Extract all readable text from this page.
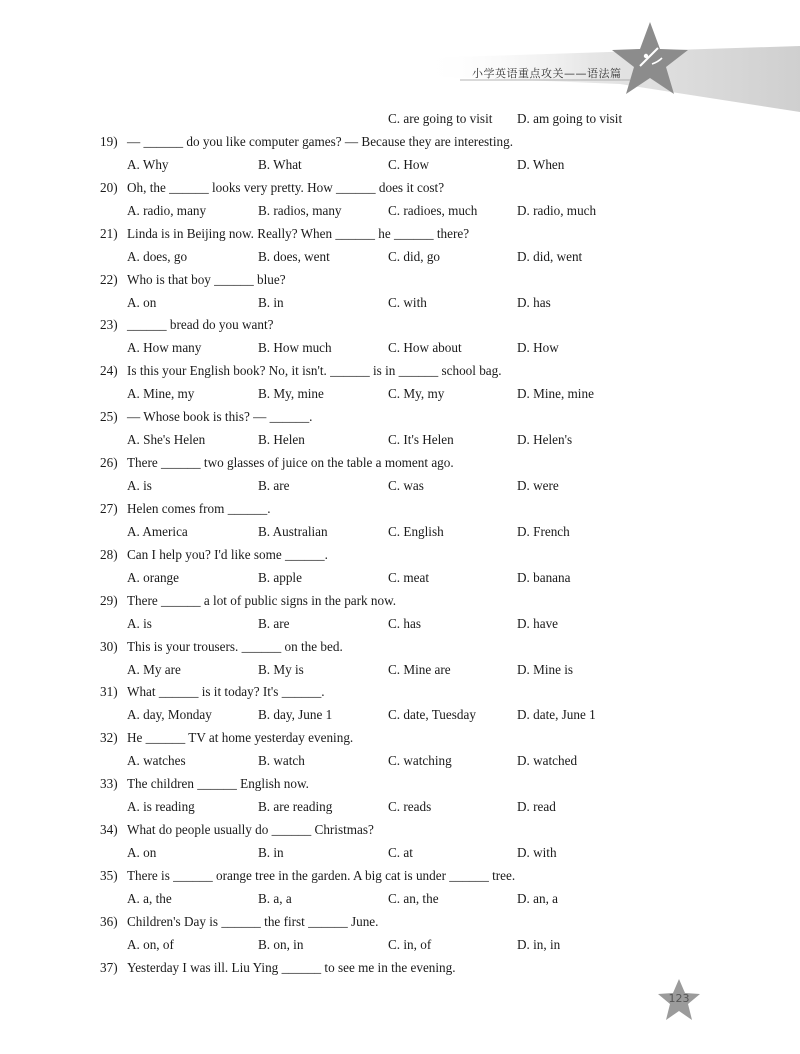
小学英语重点攻关——语法篇
C. are going to visit D. am going to visit
19) — ______ do you like computer games? — Because they are interesting.
A. Why	B. What	C. How	D. When
20) Oh, the ______ looks very pretty. How ______ does it cost?
A. radio, many	B. radios, many	C. radioes, much	D. radio, much
21) Linda is in Beijing now. Really? When ______ he ______ there?
A. does, go	B. does, went	C. did, go	D. did, went
22) Who is that boy ______ blue?
A. on	B. in	C. with	D. has
23) ______ bread do you want?
A. How many	B. How much	C. How about	D. How
24) Is this your English book? No, it isn't. ______ is in ______ school bag.
A. Mine, my	B. My, mine	C. My, my	D. Mine, mine
25) — Whose book is this? — ______.
A. She's Helen	B. Helen	C. It's Helen	D. Helen's
26) There ______ two glasses of juice on the table a moment ago.
A. is	B. are	C. was	D. were
27) Helen comes from ______.
A. America	B. Australian	C. English	D. French
28) Can I help you? I'd like some ______.
A. orange	B. apple	C. meat	D. banana
29) There ______ a lot of public signs in the park now.
A. is	B. are	C. has	D. have
30) This is your trousers. ______ on the bed.
A. My are	B. My is	C. Mine are	D. Mine is
31) What ______ is it today? It's ______.
A. day, Monday	B. day, June 1	C. date, Tuesday	D. date, June 1
32) He ______ TV at home yesterday evening.
A. watches	B. watch	C. watching	D. watched
33) The children ______ English now.
A. is reading	B. are reading	C. reads	D. read
34) What do people usually do ______ Christmas?
A. on	B. in	C. at	D. with
35) There is ______ orange tree in the garden. A big cat is under ______ tree.
A. a, the	B. a, a	C. an, the	D. an, a
36) Children's Day is ______ the first ______ June.
A. on, of	B. on, in	C. in, of	D. in, in
37) Yesterday I was ill. Liu Ying ______ to see me in the evening.
123
